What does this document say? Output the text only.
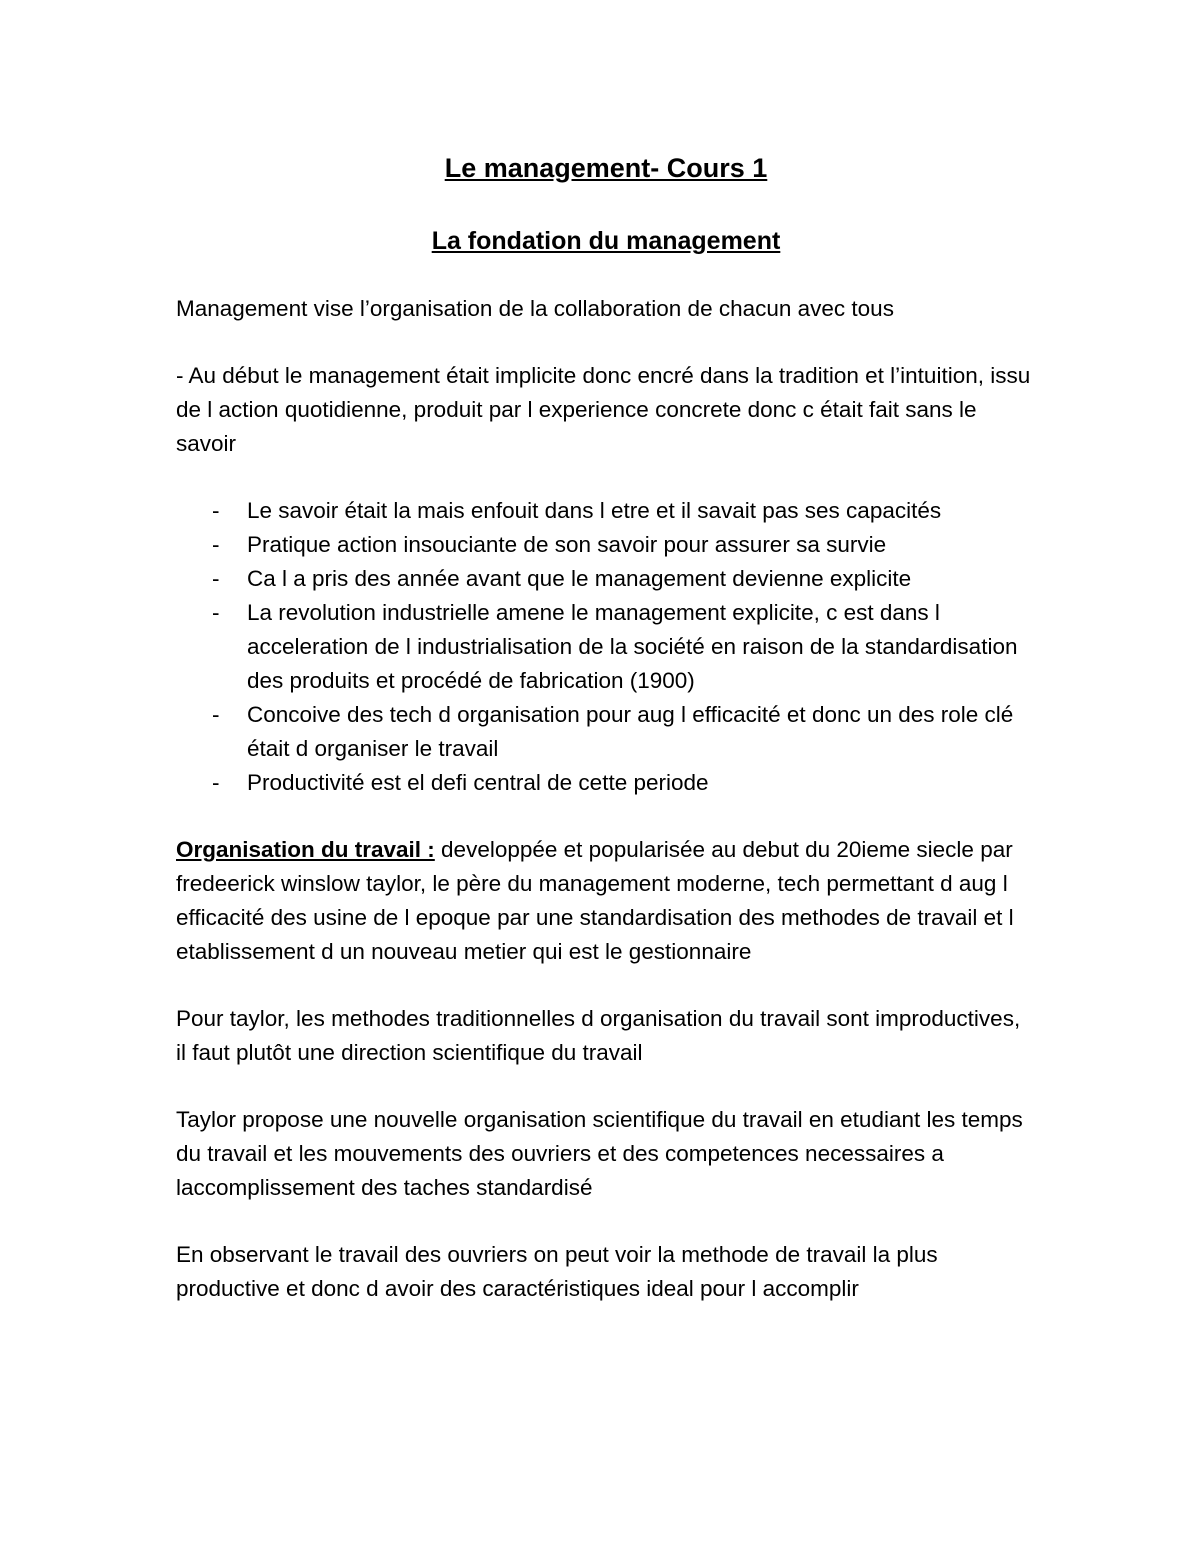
Le management- Cours 1
La fondation du management

Management vise l’organisation de la collaboration de chacun avec tous

- Au début le management était implicite donc encré dans la tradition et l’intuition, issu de l action quotidienne, produit par l experience concrete donc c était fait sans le savoir

- Le savoir était la mais enfouit dans l etre et il savait pas ses capacités
- Pratique action insouciante de son savoir pour assurer sa survie
- Ca l a pris des année avant que le management devienne explicite
- La revolution industrielle amene le management explicite, c est dans l acceleration de l industrialisation de la société en raison de la standardisation des produits et procédé de fabrication (1900)
- Concoive des tech d organisation pour aug l efficacité et donc un des role clé était d organiser le travail
- Productivité est el defi central de cette periode

Organisation du travail : developpée et popularisée au debut du 20ieme siecle par fredeerick winslow taylor, le père du management moderne, tech permettant d aug l efficacité des usine de l epoque par une standardisation des methodes de travail et l etablissement d un nouveau metier qui est le gestionnaire

Pour taylor, les methodes traditionnelles d organisation du travail sont improductives, il faut plutôt une direction scientifique du travail

Taylor propose une nouvelle organisation scientifique du travail en etudiant les temps du travail et les mouvements des ouvriers et des competences necessaires a laccomplissement des taches standardisé

En observant le travail des ouvriers on peut voir la methode de travail la plus productive et donc d avoir des caractéristiques ideal pour l accomplir
